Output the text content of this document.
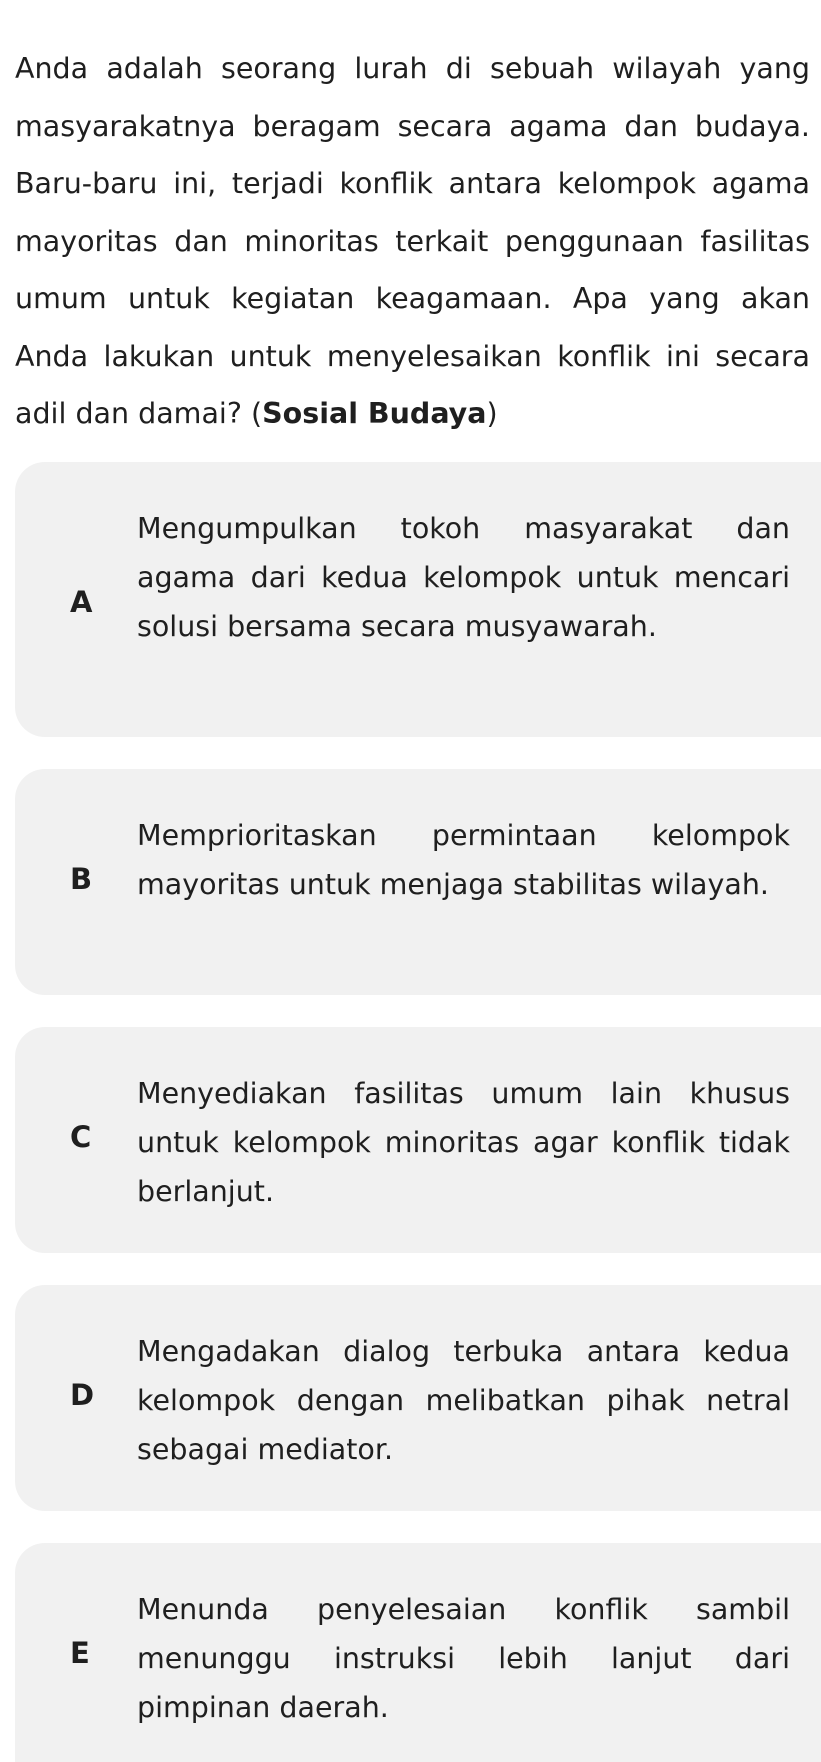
Anda adalah seorang lurah di sebuah wilayah yang masyarakatnya beragam secara agama dan budaya. Baru-baru ini, terjadi konflik antara kelompok agama mayoritas dan minoritas terkait penggunaan fasilitas umum untuk kegiatan keagamaan. Apa yang akan Anda lakukan untuk menyelesaikan konflik ini secara adil dan damai? (Sosial Budaya)

A

Mengumpulkan tokoh masyarakat dan agama dari kedua kelompok untuk mencari solusi bersama secara musyawarah.

B

Memprioritaskan permintaan kelompok mayoritas untuk menjaga stabilitas wilayah.

C

Menyediakan fasilitas umum lain khusus untuk kelompok minoritas agar konflik tidak berlanjut.

D

Mengadakan dialog terbuka antara kedua kelompok dengan melibatkan pihak netral sebagai mediator.

E

Menunda penyelesaian konflik sambil menunggu instruksi lebih lanjut dari pimpinan daerah.
